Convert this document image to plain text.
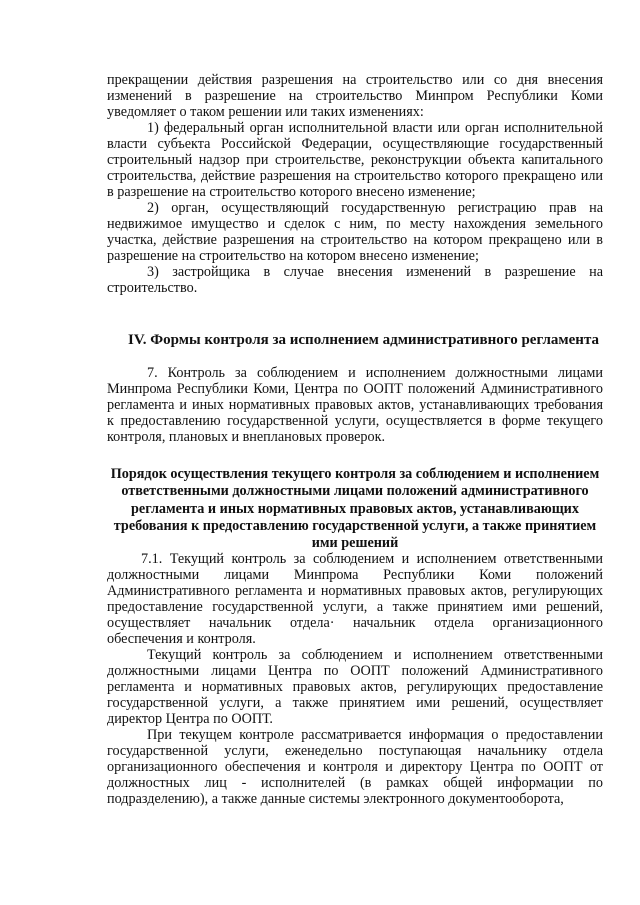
прекращении действия разрешения на строительство или со дня внесения изменений в разрешение на строительство Минпром Республики Коми уведомляет о таком решении или таких изменениях:

1) федеральный орган исполнительной власти или орган исполнительной власти субъекта Российской Федерации, осуществляющие государственный строительный надзор при строительстве, реконструкции объекта капитального строительства, действие разрешения на строительство которого прекращено или в разрешение на строительство которого внесено изменение;

2) орган, осуществляющий государственную регистрацию прав на недвижимое имущество и сделок с ним, по месту нахождения земельного участка, действие разрешения на строительство на котором прекращено или в разрешение на строительство на котором внесено изменение;

3) застройщика в случае внесения изменений в разрешение на строительство.

IV. Формы контроля за исполнением административного регламента

7. Контроль за соблюдением и исполнением должностными лицами Минпрома Республики Коми, Центра по ООПТ положений Административного регламента и иных нормативных правовых актов, устанавливающих требования к предоставлению государственной услуги, осуществляется в форме текущего контроля, плановых и внеплановых проверок.

Порядок осуществления текущего контроля за соблюдением и исполнением ответственными должностными лицами положений административного регламента и иных нормативных правовых актов, устанавливающих требования к предоставлению государственной услуги, а также принятием ими решений

7.1. Текущий контроль за соблюдением и исполнением ответственными должностными лицами Минпрома Республики Коми положений Административного регламента и нормативных правовых актов, регулирующих предоставление государственной услуги, а также принятием ими решений, осуществляет начальник отдела· начальник отдела организационного обеспечения и контроля.

Текущий контроль за соблюдением и исполнением ответственными должностными лицами Центра по ООПТ положений Административного регламента и нормативных правовых актов, регулирующих предоставление государственной услуги, а также принятием ими решений, осуществляет директор Центра по ООПТ.

При текущем контроле рассматривается информация о предоставлении государственной услуги, еженедельно поступающая начальнику отдела организационного обеспечения и контроля и директору Центра по ООПТ от должностных лиц - исполнителей (в рамках общей информации по подразделению), а также данные системы электронного документооборота,
